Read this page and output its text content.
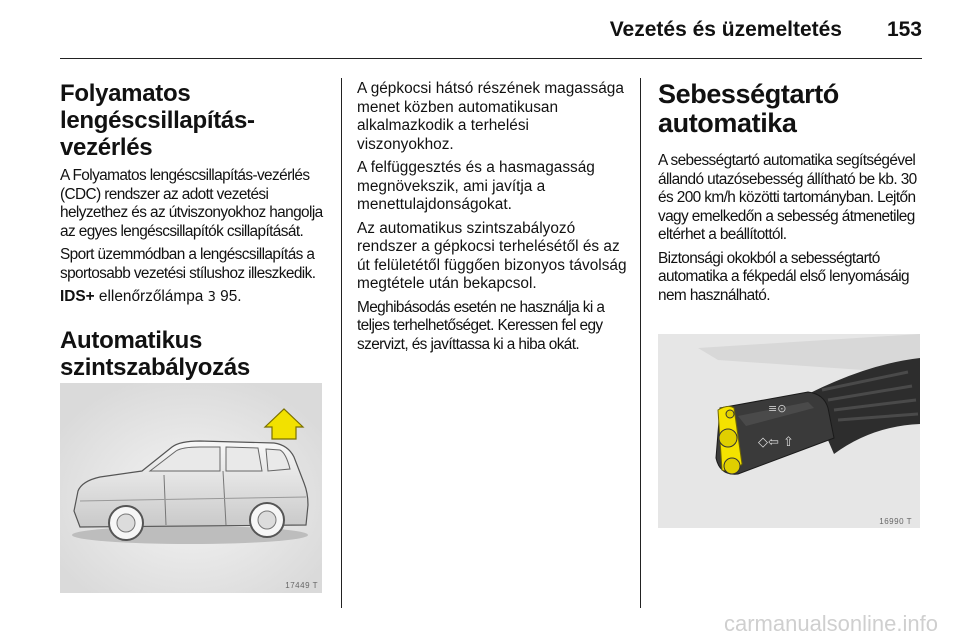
Vezetés és üzemeltetés 153
Folyamatos lengéscsillapítás-vezérlés

A Folyamatos lengéscsillapítás-vezérlés (CDC) rendszer az adott vezetési helyzethez és az útviszonyokhoz hangolja az egyes lengéscsillapítók csillapítását.

Sport üzemmódban a lengéscsillapítás a sportosabb vezetési stílushoz illeszkedik.

IDS+ ellenőrzőlámpa 3 95.

Automatikus szintszabályozás
17449 T

A gépkocsi hátsó részének magassága menet közben automatikusan alkalmazkodik a terhelési viszonyokhoz.

A felfüggesztés és a hasmagasság megnövekszik, ami javítja a menettulajdonságokat.

Az automatikus szintszabályozó rendszer a gépkocsi terhelésétől és az út felületétől függően bizonyos távolság megtétele után bekapcsol.

Meghibásodás esetén ne használja ki a teljes terhelhetőséget. Keressen fel egy szervizt, és javíttassa ki a hiba okát.

Sebességtartó automatika

A sebességtartó automatika segítségével állandó utazósebesség állítható be kb. 30 és 200 km/h közötti tartományban. Lejtőn vagy emelkedőn a sebesség átmenetileg eltérhet a beállítottól.

Biztonsági okokból a sebességtartó automatika a fékpedál első lenyomásáig nem használható.

◇⇦ ⇧
≡⊙
16990 T
carmanualsonline.info
